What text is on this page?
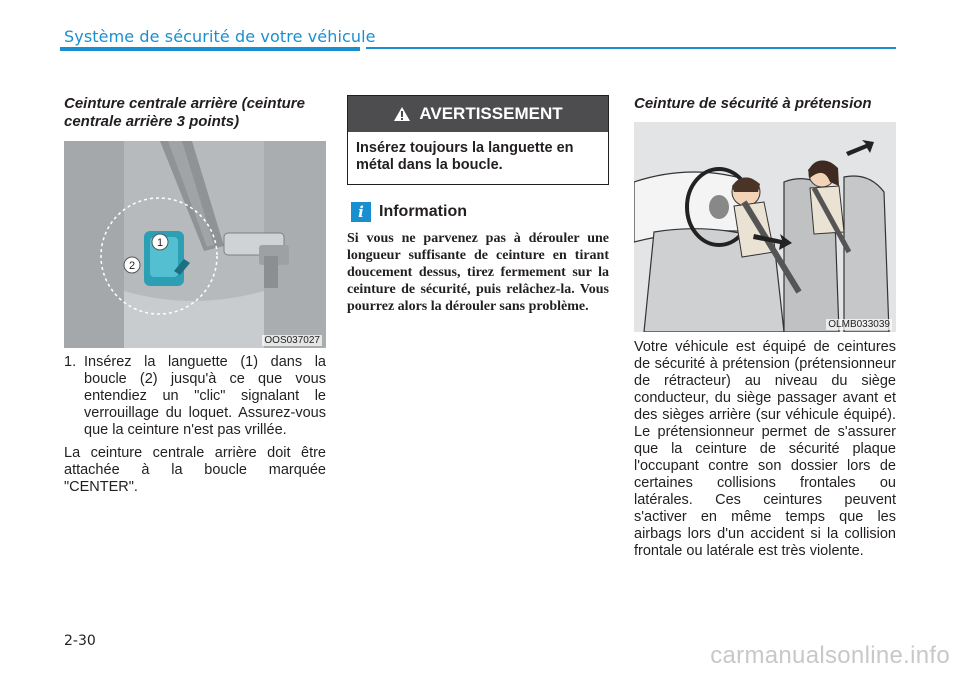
Système de sécurité de votre véhicule
Ceinture centrale arrière (ceinture centrale arrière 3 points)
1
2
OOS037027
1. Insérez la languette (1) dans la boucle (2) jusqu'à ce que vous entendiez un "clic" signalant le verrouillage du loquet. Assurez-vous que la ceinture n'est pas vrillée.
La ceinture centrale arrière doit être attachée à la boucle marquée "CENTER".
AVERTISSEMENT
Insérez toujours la languette en métal dans la boucle.
i Information
Si vous ne parvenez pas à dérouler une longueur suffisante de ceinture en tirant doucement dessus, tirez fermement sur la ceinture de sécurité, puis relâchez-la. Vous pourrez alors la dérouler sans problème.
Ceinture de sécurité à prétension
OLMB033039
Votre véhicule est équipé de ceintures de sécurité à prétension (prétensionneur de rétracteur) au niveau du siège conducteur, du siège passager avant et des sièges arrière (sur véhicule équipé). Le prétensionneur permet de s'assurer que la ceinture de sécurité plaque l'occupant contre son dossier lors de certaines collisions frontales ou latérales. Ces ceintures peuvent s'activer en même temps que les airbags lors d'un accident si la collision frontale ou latérale est très violente.
2-30
carmanualsonline.info
